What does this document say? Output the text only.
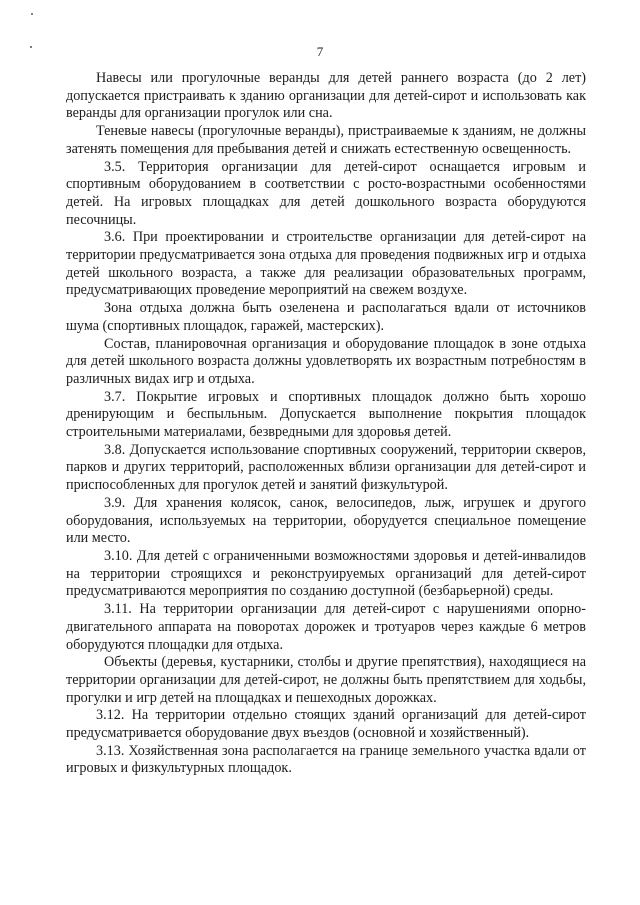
7

Навесы или прогулочные веранды для детей раннего возраста (до 2 лет) допускается пристраивать к зданию организации для детей-сирот и использовать как веранды для организации прогулок или сна.

Теневые навесы (прогулочные веранды), пристраиваемые к зданиям, не должны затенять помещения для пребывания детей и снижать естественную освещенность.

3.5. Территория организации для детей-сирот оснащается игровым и спортивным оборудованием в соответствии с росто-возрастными особенностями детей. На игровых площадках для детей дошкольного возраста оборудуются песочницы.

3.6. При проектировании и строительстве организации для детей-сирот на территории предусматривается зона отдыха для проведения подвижных игр и отдыха детей школьного возраста, а также для реализации образовательных программ, предусматривающих проведение мероприятий на свежем воздухе.

Зона отдыха должна быть озеленена и располагаться вдали от источников шума (спортивных площадок, гаражей, мастерских).

Состав, планировочная организация и оборудование площадок в зоне отдыха для детей школьного возраста должны удовлетворять их возрастным потребностям в различных видах игр и отдыха.

3.7. Покрытие игровых и спортивных площадок должно быть хорошо дренирующим и беспыльным. Допускается выполнение покрытия площадок строительными материалами, безвредными для здоровья детей.

3.8. Допускается использование спортивных сооружений, территории скверов, парков и других территорий, расположенных вблизи организации для детей-сирот и приспособленных для прогулок детей и занятий физкультурой.

3.9. Для хранения колясок, санок, велосипедов, лыж, игрушек и другого оборудования, используемых на территории, оборудуется специальное помещение или место.

3.10. Для детей с ограниченными возможностями здоровья и детей-инвалидов на территории строящихся и реконструируемых организаций для детей-сирот предусматриваются мероприятия по созданию доступной (безбарьерной) среды.

3.11. На территории организации для детей-сирот с нарушениями опорно-двигательного аппарата на поворотах дорожек и тротуаров через каждые 6 метров оборудуются площадки для отдыха.

Объекты (деревья, кустарники, столбы и другие препятствия), находящиеся на территории организации для детей-сирот, не должны быть препятствием для ходьбы, прогулки и игр детей на площадках и пешеходных дорожках.

3.12. На территории отдельно стоящих зданий организаций для детей-сирот предусматривается оборудование двух въездов (основной и хозяйственный).

3.13. Хозяйственная зона располагается на границе земельного участка вдали от игровых и физкультурных площадок.
